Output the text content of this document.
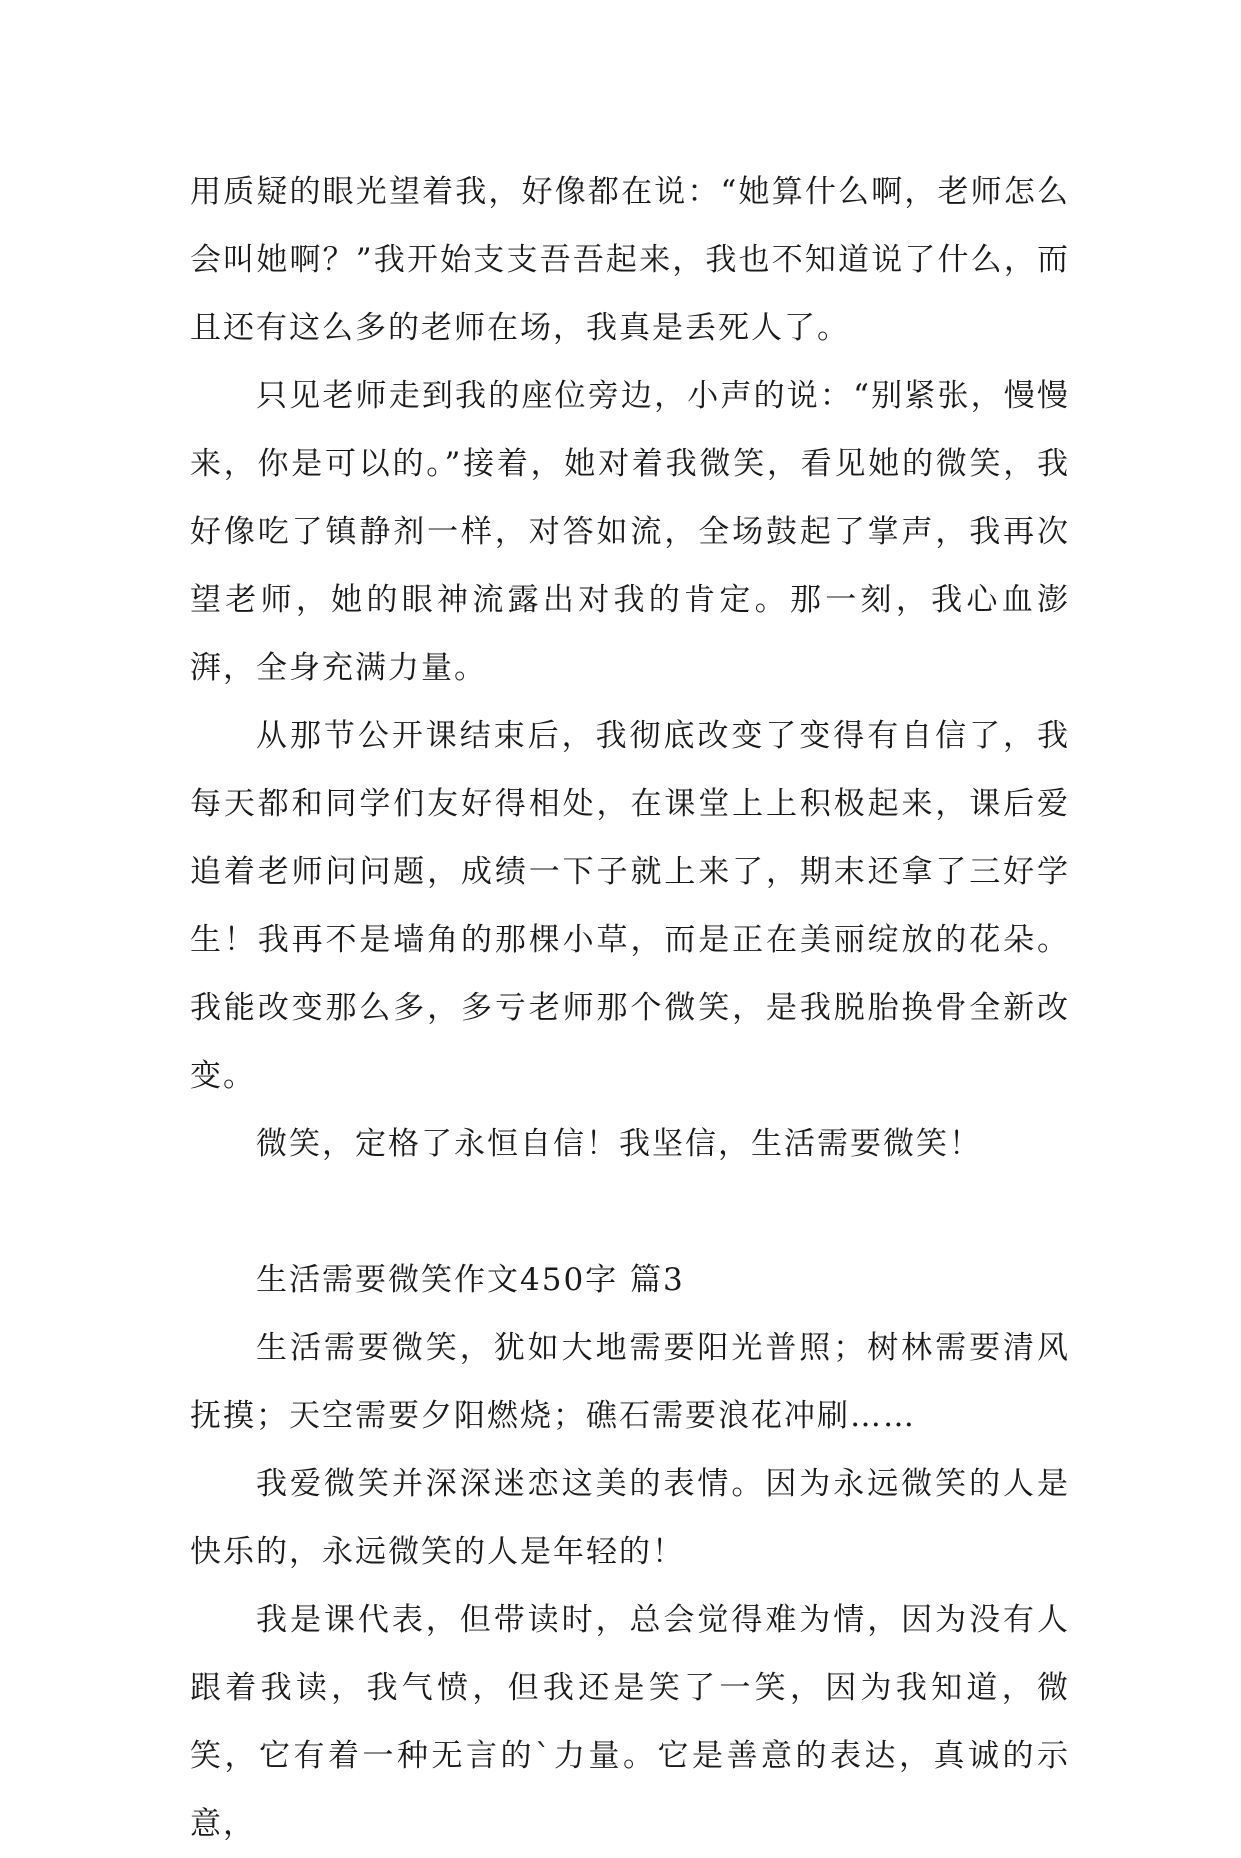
用质疑的眼光望着我，好像都在说：“她算什么啊，老师怎么会叫她啊？”我开始支支吾吾起来，我也不知道说了什么，而且还有这么多的老师在场，我真是丢死人了。

只见老师走到我的座位旁边，小声的说：“别紧张，慢慢来，你是可以的。”接着，她对着我微笑，看见她的微笑，我好像吃了镇静剂一样，对答如流，全场鼓起了掌声，我再次望老师，她的眼神流露出对我的肯定。那一刻，我心血澎湃，全身充满力量。

从那节公开课结束后，我彻底改变了变得有自信了，我每天都和同学们友好得相处，在课堂上上积极起来，课后爱追着老师问问题，成绩一下子就上来了，期末还拿了三好学生！我再不是墙角的那棵小草，而是正在美丽绽放的花朵。我能改变那么多，多亏老师那个微笑，是我脱胎换骨全新改变。

微笑，定格了永恒自信！我坚信，生活需要微笑！

生活需要微笑作文450字 篇3

生活需要微笑，犹如大地需要阳光普照；树林需要清风抚摸；天空需要夕阳燃烧；礁石需要浪花冲刷……

我爱微笑并深深迷恋这美的表情。因为永远微笑的人是快乐的，永远微笑的人是年轻的！

我是课代表，但带读时，总会觉得难为情，因为没有人跟着我读，我气愤，但我还是笑了一笑，因为我知道，微笑，它有着一种无言的`力量。它是善意的表达，真诚的示意，
